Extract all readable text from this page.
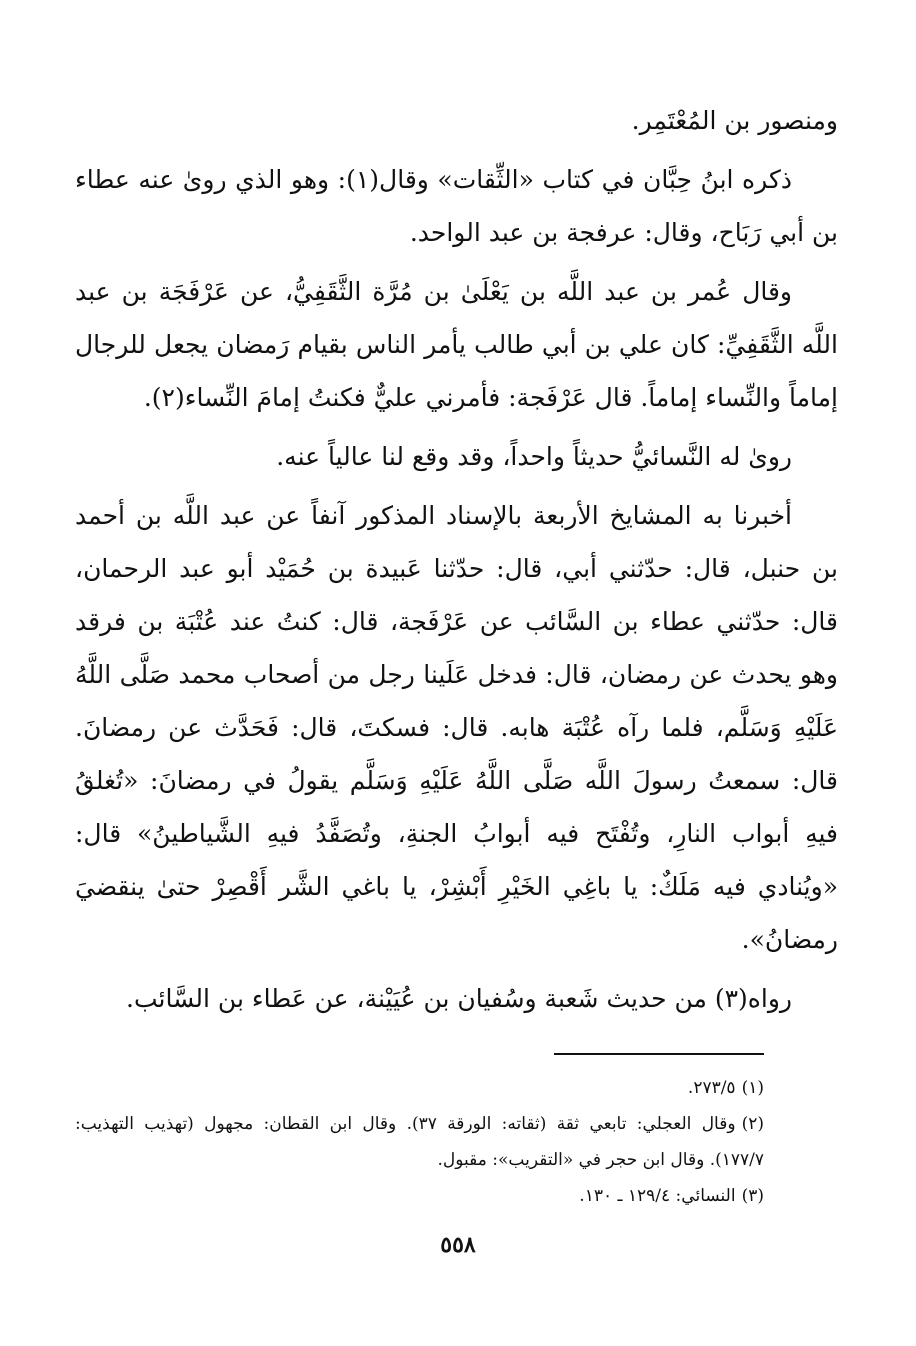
ومنصور بن المُعْتَمِر.

ذكره ابنُ حِبَّان في كتاب «الثِّقات» وقال(١): وهو الذي روىٰ عنه عطاء بن أبي رَبَاح، وقال: عرفجة بن عبد الواحد.

وقال عُمر بن عبد اللَّه بن يَعْلَىٰ بن مُرَّة الثَّقَفِيُّ، عن عَرْفَجَة بن عبد اللَّه الثَّقَفِيِّ: كان علي بن أبي طالب يأمر الناس بقيام رَمضان يجعل للرجال إماماً والنِّساء إماماً. قال عَرْفَجة: فأمرني عليٌّ فكنتُ إمامَ النِّساء(٢).

روىٰ له النَّسائيُّ حديثاً واحداً، وقد وقع لنا عالياً عنه.

أخبرنا به المشايخ الأربعة بالإسناد المذكور آنفاً عن عبد اللَّه بن أحمد بن حنبل، قال: حدّثني أبي، قال: حدّثنا عَبيدة بن حُمَيْد أبو عبد الرحمان، قال: حدّثني عطاء بن السَّائب عن عَرْفَجة، قال: كنتُ عند عُتْبَة بن فرقد وهو يحدث عن رمضان، قال: فدخل عَلَينا رجل من أصحاب محمد صَلَّى اللَّهُ عَلَيْهِ وَسَلَّم، فلما رآه عُتْبَة هابه. قال: فسكتَ، قال: فَحَدَّث عن رمضانَ. قال: سمعتُ رسولَ اللَّه صَلَّى اللَّهُ عَلَيْهِ وَسَلَّم يقولُ في رمضانَ: «تُغلقُ فيهِ أبواب النارِ، وتُفْتَح فيه أبوابُ الجنةِ، وتُصَفَّدُ فيهِ الشَّياطينُ» قال: «ويُنادي فيه مَلَكٌ: يا باغِي الخَيْرِ أَبْشِرْ، يا باغي الشَّر أَقْصِرْ حتىٰ ينقضيَ رمضانُ».

رواه(٣) من حديث شَعبة وسُفيان بن عُيَيْنة، عن عَطاء بن السَّائب.

(١)٢٧٣/٥.
(٢)وقال العجلي: تابعي ثقة (ثقاته: الورقة ٣٧). وقال ابن القطان: مجهول (تهذيب التهذيب: ١٧٧/٧). وقال ابن حجر في «التقريب»: مقبول.
(٣)النسائي: ١٢٩/٤ ـ ١٣٠.
٥٥٨
